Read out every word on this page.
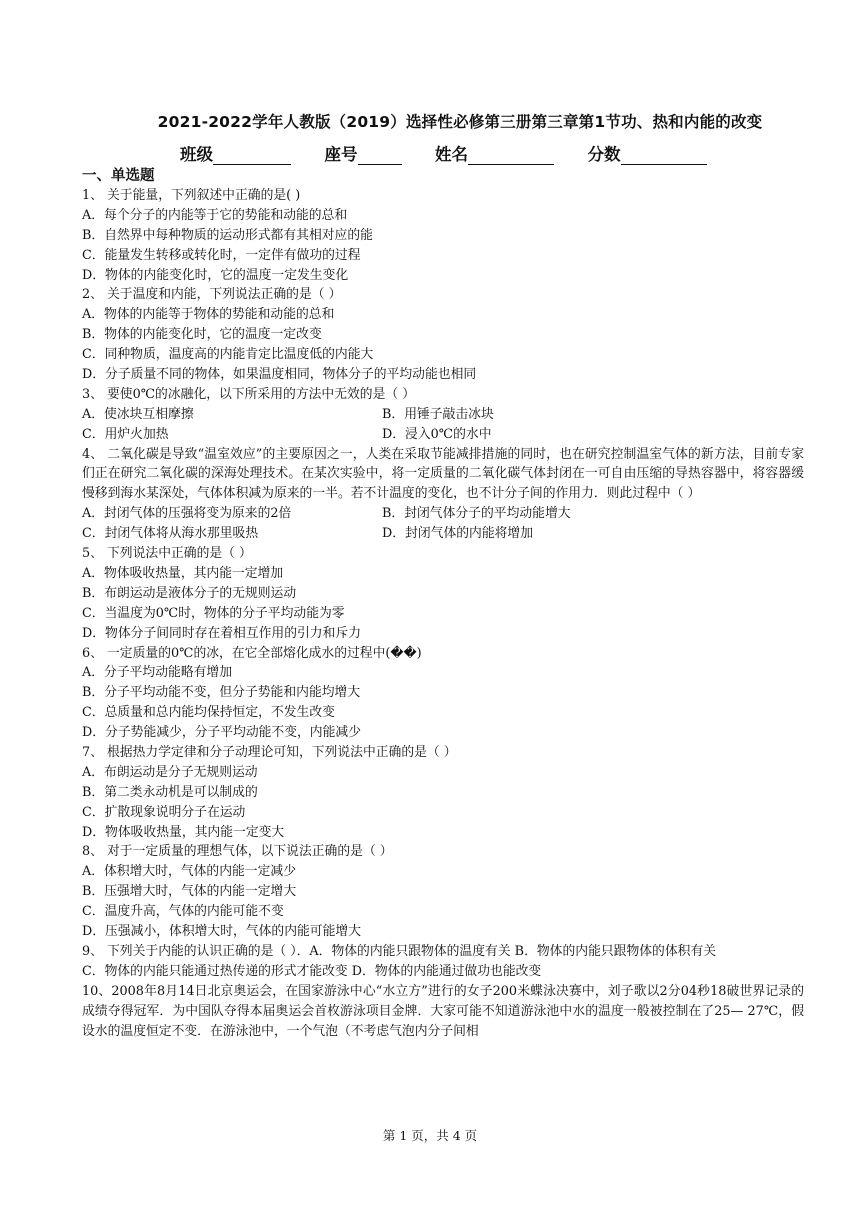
2021-2022学年人教版（2019）选择性必修第三册第三章第1节功、热和内能的改变
班级	座号	姓名	分数
一、单选题
1、 关于能量，下列叙述中正确的是( )
A．每个分子的内能等于它的势能和动能的总和
B．自然界中每种物质的运动形式都有其相对应的能
C．能量发生转移或转化时，一定伴有做功的过程
D．物体的内能变化时，它的温度一定发生变化
2、 关于温度和内能，下列说法正确的是（ ）
A．物体的内能等于物体的势能和动能的总和
B．物体的内能变化时，它的温度一定改变
C．同种物质，温度高的内能肯定比温度低的内能大
D．分子质量不同的物体，如果温度相同，物体分子的平均动能也相同
3、 要使0℃的冰融化，以下所采用的方法中无效的是（ ）
A．使冰块互相摩擦	B．用锤子敲击冰块
C．用炉火加热	D．浸入0℃的水中
4、 二氧化碳是导致“温室效应”的主要原因之一，人类在采取节能减排措施的同时，也在研究控制温室气体的新方法，目前专家们正在研究二氧化碳的深海处理技术。在某次实验中，将一定质量的二氧化碳气体封闭在一可自由压缩的导热容器中，将容器缓慢移到海水某深处，气体体积减为原来的一半。若不计温度的变化，也不计分子间的作用力．则此过程中（ ）
A．封闭气体的压强将变为原来的2倍	B．封闭气体分子的平均动能增大
C．封闭气体将从海水那里吸热	D．封闭气体的内能将增加
5、 下列说法中正确的是（ ）
A．物体吸收热量，其内能一定增加
B．布朗运动是液体分子的无规则运动
C．当温度为0℃时，物体的分子平均动能为零
D．物体分子间同时存在着相互作用的引力和斥力
6、 一定质量的0℃的冰，在它全部熔化成水的过程中(��)
A．分子平均动能略有增加
B．分子平均动能不变，但分子势能和内能均增大
C．总质量和总内能均保持恒定，不发生改变
D．分子势能减少，分子平均动能不变，内能减少
7、 根据热力学定律和分子动理论可知，下列说法中正确的是（ ）
A．布朗运动是分子无规则运动
B．第二类永动机是可以制成的
C．扩散现象说明分子在运动
D．物体吸收热量，其内能一定变大
8、 对于一定质量的理想气体，以下说法正确的是（ ）
A．体积增大时，气体的内能一定减少
B．压强增大时，气体的内能一定增大
C．温度升高，气体的内能可能不变
D．压强减小，体积增大时，气体的内能可能增大
9、 下列关于内能的认识正确的是（ ）．A．物体的内能只跟物体的温度有关 B．物体的内能只跟物体的体积有关
C．物体的内能只能通过热传递的形式才能改变 D．物体的内能通过做功也能改变
10、2008年8月14日北京奥运会，在国家游泳中心“水立方”进行的女子200米蝶泳决赛中，刘子歌以2分04秒18破世界记录的成绩夺得冠军．为中国队夺得本届奥运会首枚游泳项目金牌．大家可能不知道游泳池中水的温度一般被控制在了25— 27℃，假设水的温度恒定不变．在游泳池中，一个气泡（不考虑气泡内分子间相
第 1 页，共 4 页
